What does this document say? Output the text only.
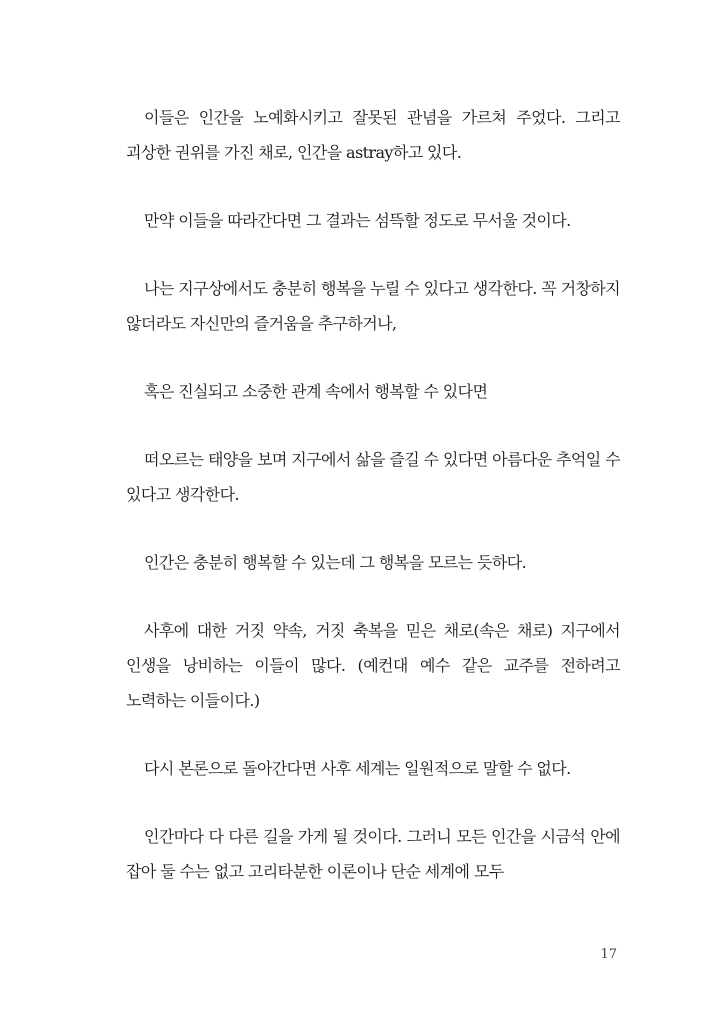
이들은 인간을 노예화시키고 잘못된 관념을 가르쳐 주었다. 그리고 괴상한 권위를 가진 채로, 인간을 astray하고 있다.

만약 이들을 따라간다면 그 결과는 섬뜩할 정도로 무서울 것이다.

나는 지구상에서도 충분히 행복을 누릴 수 있다고 생각한다. 꼭 거창하지 않더라도 자신만의 즐거움을 추구하거나,

혹은 진실되고 소중한 관계 속에서 행복할 수 있다면

떠오르는 태양을 보며 지구에서 삶을 즐길 수 있다면 아름다운 추억일 수 있다고 생각한다.

인간은 충분히 행복할 수 있는데 그 행복을 모르는 듯하다.

사후에 대한 거짓 약속, 거짓 축복을 믿은 채로(속은 채로) 지구에서 인생을 낭비하는 이들이 많다. (예컨대 예수 같은 교주를 전하려고 노력하는 이들이다.)

다시 본론으로 돌아간다면 사후 세계는 일원적으로 말할 수 없다.

인간마다 다 다른 길을 가게 될 것이다. 그러니 모든 인간을 시금석 안에 잡아 둘 수는 없고 고리타분한 이론이나 단순 세계에 모두

17
